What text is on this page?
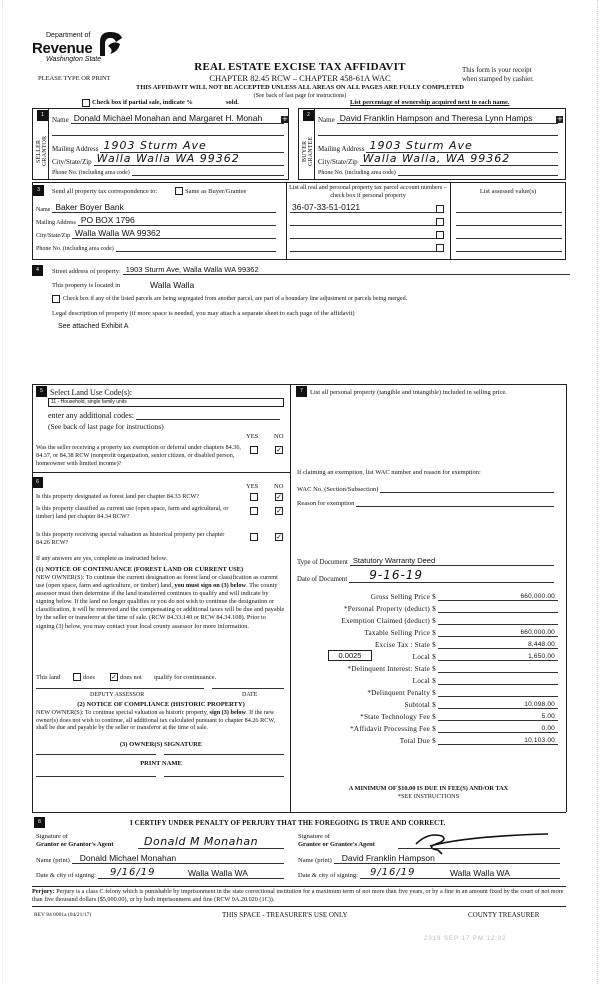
Department of
Revenue
Washington State
PLEASE TYPE OR PRINT
REAL ESTATE EXCISE TAX AFFIDAVIT
CHAPTER 82.45 RCW – CHAPTER 458-61A WAC
This form is your receipt
when stamped by cashier.
THIS AFFIDAVIT WILL NOT BE ACCEPTED UNLESS ALL AREAS ON ALL PAGES ARE FULLY COMPLETED
(See back of last page for instructions)
Check box if partial sale, indicate %	sold.	List percentage of ownership acquired next to each name.
1	2
SELLER
GRANTOR	BUYER
GRANTEE
Name Donald Michael Monahan and Margaret H. Monah	+
Mailing Address 1903 Sturm Ave
City/State/Zip Walla Walla WA 99362
Phone No. (including area code)
Name David Franklin Hampson and Theresa Lynn Hamps	+
Mailing Address 1903 Sturm Ave
City/State/Zip Walla Walla, WA 99362
Phone No. (including area code)
3	Send all property tax correspondence to:	Same as Buyer/Grantee
Name Baker Boyer Bank
Mailing Address PO BOX 1796
City/State/Zip Walla Walla WA 99362
Phone No. (including area code)
List all real and personal property tax parcel account numbers – check box if personal property
List assessed value(s)
36-07-33-51-0121
4	Street address of property: 1903 Sturm Ave, Walla Walla WA 99362
This property is located in	Walla Walla
Check box if any of the listed parcels are being segregated from another parcel, are part of a boundary line adjustment or parcels being merged.
Legal description of property (if more space is needed, you may attach a separate sheet to each page of the affidavit)
See attached Exhibit A
5 Select Land Use Code(s):
11 - Household, single family units
enter any additional codes:
(See back of last page for instructions)
YES NO
Was the seller receiving a property tax exemption or deferral under chapters 84.36, 84.37, or 84.38 RCW (nonprofit organization, senior citizen, or disabled person, homeowner with limited income)?
✓
6
YES NO
Is this property designated as forest land per chapter 84.33 RCW?	✓
Is this property classified as current use (open space, farm and agricultural, or timber) land per chapter 84.34 RCW?
✓
Is this property receiving special valuation as historical property per chapter 84.26 RCW?
✓
If any answers are yes, complete as instructed below.
(1) NOTICE OF CONTINUANCE (FOREST LAND OR CURRENT USE)
NEW OWNER(S): To continue the current designation as forest land or classification as current use (open space, farm and agriculture, or timber) land, you must sign on (3) below. The county assessor must then determine if the land transferred continues to qualify and will indicate by signing below. If the land no longer qualifies or you do not wish to continue the designation or classification, it will be removed and the compensating or additional taxes will be due and payable by the seller or transferor at the time of sale. (RCW 84.33.140 or RCW 84.34.108). Prior to signing (3) below, you may contact your local county assessor for more information.
This land	does ✓ does not qualify for continuance.
DEPUTY ASSESSOR	DATE
(2) NOTICE OF COMPLIANCE (HISTORIC PROPERTY)
NEW OWNER(S): To continue special valuation as historic property, sign (3) below. If the new owner(s) does not wish to continue, all additional tax calculated pursuant to chapter 84.26 RCW, shall be due and payable by the seller or transferor at the time of sale.
(3) OWNER(S) SIGNATURE
PRINT NAME
7	List all personal property (tangible and intangible) included in selling price.
If claiming an exemption, list WAC number and reason for exemption:
WAC No. (Section/Subsection)
Reason for exemption
Type of Document Statutory Warranty Deed
Date of Document 9-16-19
Gross Selling Price $	660,000.00
*Personal Property (deduct) $
Exemption Claimed (deduct) $
Taxable Selling Price $	660,000.00
Excise Tax : State $	8,448.00
Local $	1,650.00
*Delinquent Interest: State $
Local $
*Delinquent Penalty $
Subtotal $	10,098.00
*State Technology Fee $	5.00
*Affidavit Processing Fee $	0.00
Total Due $	10,103.00
0.0025
A MINIMUM OF $10.00 IS DUE IN FEE(S) AND/OR TAX
*SEE INSTRUCTIONS
8	I CERTIFY UNDER PENALTY OF PERJURY THAT THE FOREGOING IS TRUE AND CORRECT.
Signature of
Grantor or Grantor's Agent	Donald M Monahan
Name (print) Donald Michael Monahan
Date & city of signing: 9/16/19	Walla Walla WA
Signature of
Grantee or Grantee's Agent
Name (print) David Franklin Hampson
Date & city of signing: 9/16/19	Walla Walla WA
Perjury: Perjury is a class C felony which is punishable by imprisonment in the state correctional institution for a maximum term of not more than five years, or by a fine in an amount fixed by the court of not more than five thousand dollars ($5,000.00), or by both imprisonment and fine (RCW 9A.20.020 (1C)).
REV 84 0001a (04/21/17)	THIS SPACE - TREASURER'S USE ONLY	COUNTY TREASURER
2019 SEP 17 PM 12:02
